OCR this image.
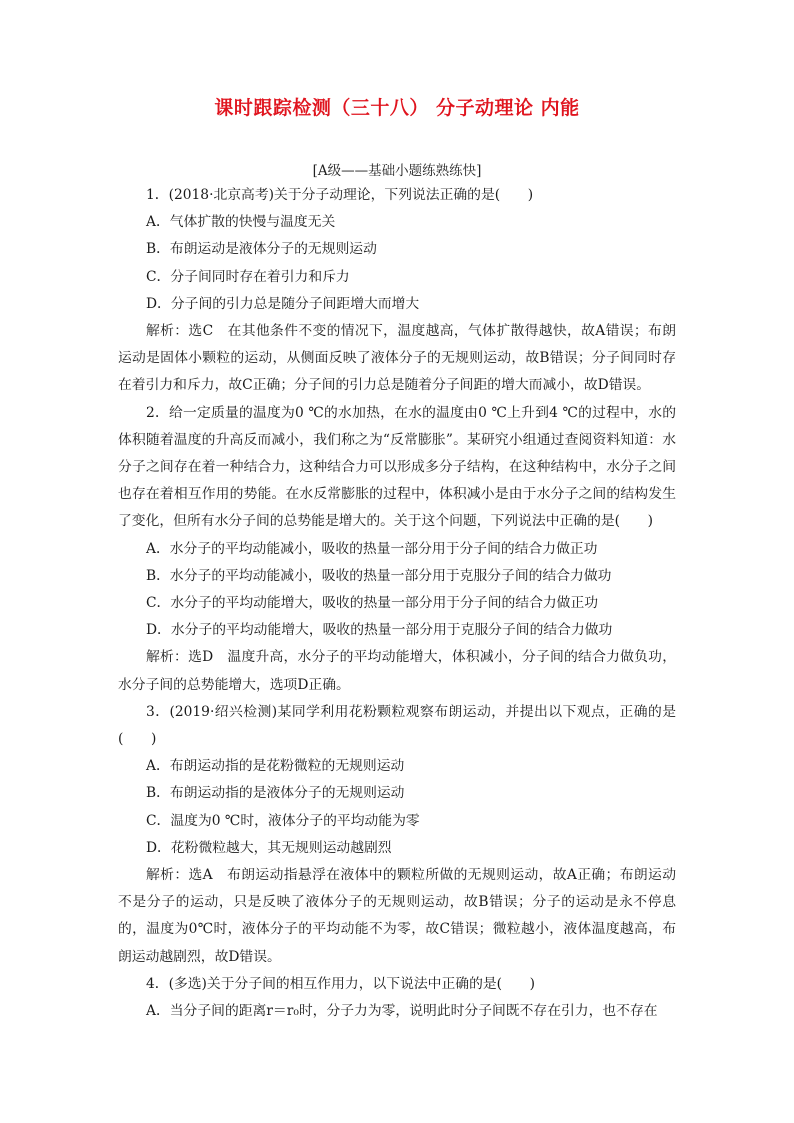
课时跟踪检测（三十八） 分子动理论 内能
[A级——基础小题练熟练快]

1．(2018·北京高考)关于分子动理论，下列说法正确的是(　　)

A．气体扩散的快慢与温度无关

B．布朗运动是液体分子的无规则运动

C．分子间同时存在着引力和斥力

D．分子间的引力总是随分子间距增大而增大

解析：选C　在其他条件不变的情况下，温度越高，气体扩散得越快，故A错误；布朗运动是固体小颗粒的运动，从侧面反映了液体分子的无规则运动，故B错误；分子间同时存在着引力和斥力，故C正确；分子间的引力总是随着分子间距的增大而减小，故D错误。

2．给一定质量的温度为0 ℃的水加热，在水的温度由0 ℃上升到4 ℃的过程中，水的体积随着温度的升高反而减小，我们称之为“反常膨胀”。某研究小组通过查阅资料知道：水分子之间存在着一种结合力，这种结合力可以形成多分子结构，在这种结构中，水分子之间也存在着相互作用的势能。在水反常膨胀的过程中，体积减小是由于水分子之间的结构发生了变化，但所有水分子间的总势能是增大的。关于这个问题，下列说法中正确的是(　　)

A．水分子的平均动能减小，吸收的热量一部分用于分子间的结合力做正功

B．水分子的平均动能减小，吸收的热量一部分用于克服分子间的结合力做功

C．水分子的平均动能增大，吸收的热量一部分用于分子间的结合力做正功

D．水分子的平均动能增大，吸收的热量一部分用于克服分子间的结合力做功

解析：选D　温度升高，水分子的平均动能增大，体积减小，分子间的结合力做负功，水分子间的总势能增大，选项D正确。

3．(2019·绍兴检测)某同学利用花粉颗粒观察布朗运动，并提出以下观点，正确的是(　　)

A．布朗运动指的是花粉微粒的无规则运动

B．布朗运动指的是液体分子的无规则运动

C．温度为0 ℃时，液体分子的平均动能为零

D．花粉微粒越大，其无规则运动越剧烈

解析：选A　布朗运动指悬浮在液体中的颗粒所做的无规则运动，故A正确；布朗运动不是分子的运动，只是反映了液体分子的无规则运动，故B错误；分子的运动是永不停息的，温度为0℃时，液体分子的平均动能不为零，故C错误；微粒越小，液体温度越高，布朗运动越剧烈，故D错误。

4．(多选)关于分子间的相互作用力，以下说法中正确的是(　　)

A．当分子间的距离r＝r₀时，分子力为零，说明此时分子间既不存在引力，也不存在
